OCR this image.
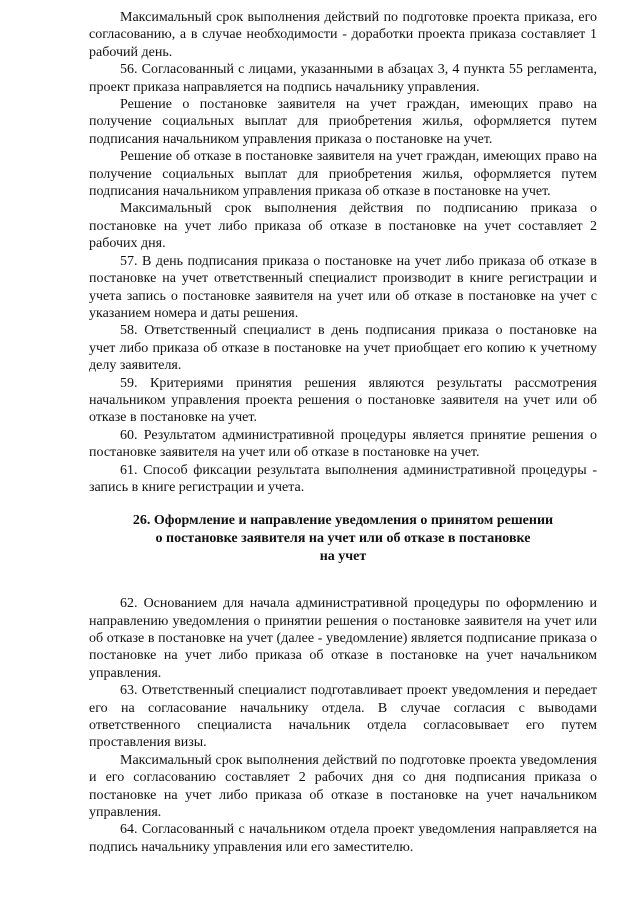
Максимальный срок выполнения действий по подготовке проекта приказа, его согласованию, а в случае необходимости - доработки проекта приказа составляет 1 рабочий день.

56. Согласованный с лицами, указанными в абзацах 3, 4 пункта 55 регламента, проект приказа направляется на подпись начальнику управления.

Решение о постановке заявителя на учет граждан, имеющих право на получение социальных выплат для приобретения жилья, оформляется путем подписания начальником управления приказа о постановке на учет.

Решение об отказе в постановке заявителя на учет граждан, имеющих право на получение социальных выплат для приобретения жилья, оформляется путем подписания начальником управления приказа об отказе в постановке на учет.

Максимальный срок выполнения действия по подписанию приказа о постановке на учет либо приказа об отказе в постановке на учет составляет 2 рабочих дня.

57. В день подписания приказа о постановке на учет либо приказа об отказе в постановке на учет ответственный специалист производит в книге регистрации и учета запись о постановке заявителя на учет или об отказе в постановке на учет с указанием номера и даты решения.

58. Ответственный специалист в день подписания приказа о постановке на учет либо приказа об отказе в постановке на учет приобщает его копию к учетному делу заявителя.

59. Критериями принятия решения являются результаты рассмотрения начальником управления проекта решения о постановке заявителя на учет или об отказе в постановке на учет.

60. Результатом административной процедуры является принятие решения о постановке заявителя на учет или об отказе в постановке на учет.

61. Способ фиксации результата выполнения административной процедуры - запись в книге регистрации и учета.

26. Оформление и направление уведомления о принятом решении
о постановке заявителя на учет или об отказе в постановке
на учет

62. Основанием для начала административной процедуры по оформлению и направлению уведомления о принятии решения о постановке заявителя на учет или об отказе в постановке на учет (далее - уведомление) является подписание приказа о постановке на учет либо приказа об отказе в постановке на учет начальником управления.

63. Ответственный специалист подготавливает проект уведомления и передает его на согласование начальнику отдела. В случае согласия с выводами ответственного специалиста начальник отдела согласовывает его путем проставления визы.

Максимальный срок выполнения действий по подготовке проекта уведомления и его согласованию составляет 2 рабочих дня со дня подписания приказа о постановке на учет либо приказа об отказе в постановке на учет начальником управления.

64. Согласованный с начальником отдела проект уведомления направляется на подпись начальнику управления или его заместителю.
